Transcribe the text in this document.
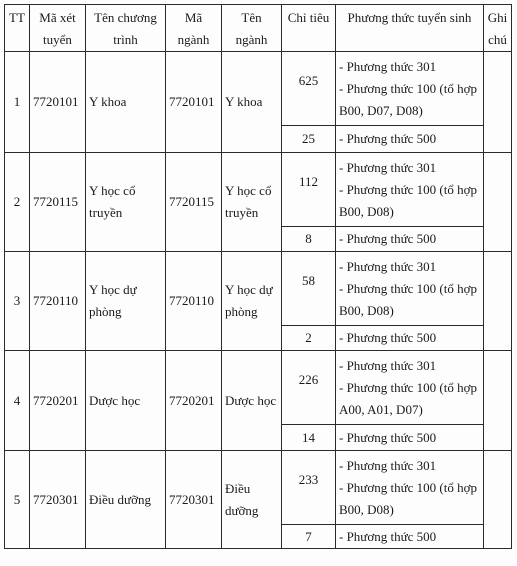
TT	Mã xét tuyển	Tên chương trình	Mã ngành	Tên ngành	Chỉ tiêu	Phương thức tuyển sinh	Ghi chú
1	7720101	Y khoa	7720101	Y khoa	625	- Phương thức 301
- Phương thức 100 (tổ hợp
B00, D07, D08)	

					25	- Phương thức 500	
2	7720115	Y học cổ truyền	7720115	Y học cổ truyền	112	- Phương thức 301
- Phương thức 100 (tổ hợp
B00, D08)	

					8	- Phương thức 500	
3	7720110	Y học dự phòng	7720110	Y học dự phòng	58	- Phương thức 301
- Phương thức 100 (tổ hợp
B00, D08)	

					2	- Phương thức 500	
4	7720201	Dược học	7720201	Dược học	226	- Phương thức 301
- Phương thức 100 (tổ hợp
A00, A01, D07)	

					14	- Phương thức 500	
5	7720301	Điều dưỡng	7720301	Điều dưỡng	233	- Phương thức 301
- Phương thức 100 (tổ hợp
B00, D08)	

					7	- Phương thức 500	
